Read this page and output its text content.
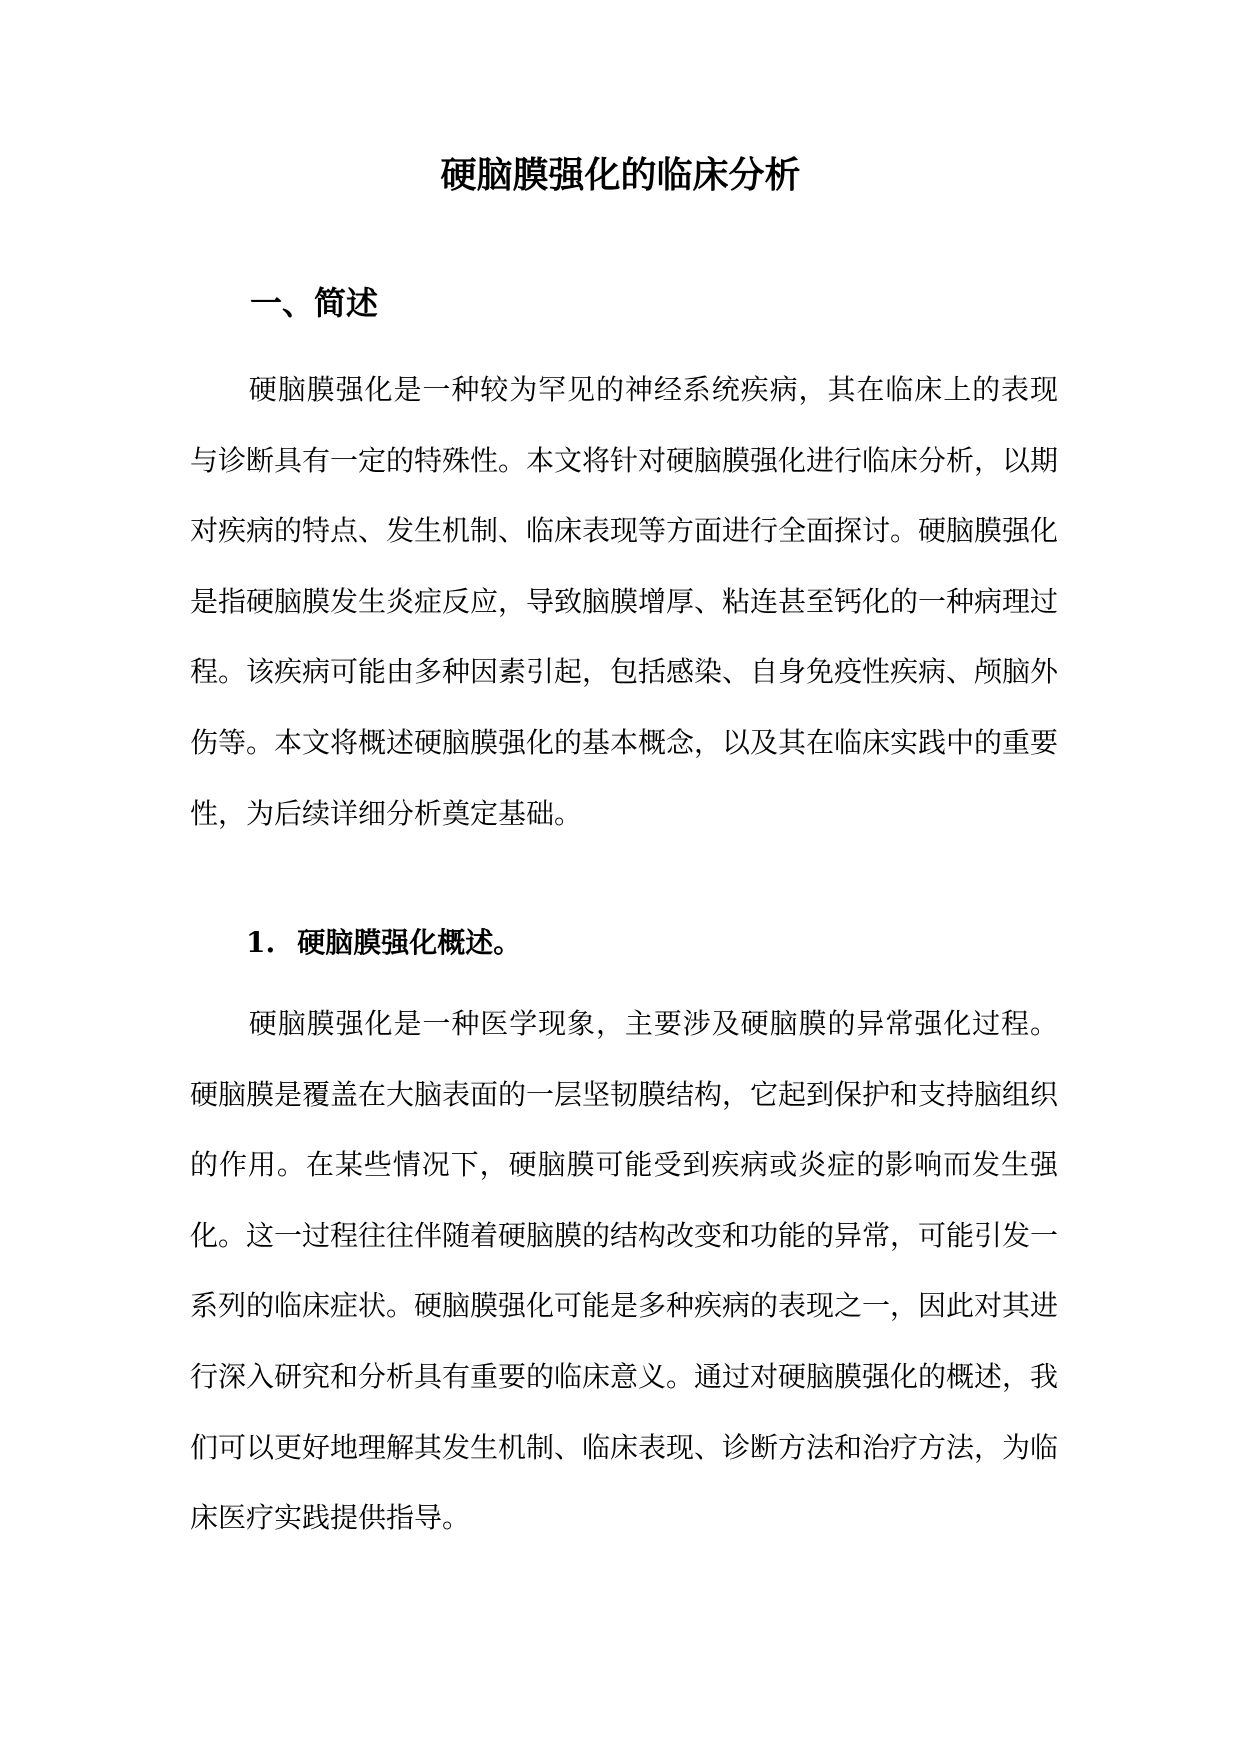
硬脑膜强化的临床分析
一、简述

硬脑膜强化是一种较为罕见的神经系统疾病，其在临床上的表现与诊断具有一定的特殊性。本文将针对硬脑膜强化进行临床分析，以期对疾病的特点、发生机制、临床表现等方面进行全面探讨。硬脑膜强化是指硬脑膜发生炎症反应，导致脑膜增厚、粘连甚至钙化的一种病理过程。该疾病可能由多种因素引起，包括感染、自身免疫性疾病、颅脑外伤等。本文将概述硬脑膜强化的基本概念，以及其在临床实践中的重要性，为后续详细分析奠定基础。

1. 硬脑膜强化概述。

硬脑膜强化是一种医学现象，主要涉及硬脑膜的异常强化过程。硬脑膜是覆盖在大脑表面的一层坚韧膜结构，它起到保护和支持脑组织的作用。在某些情况下，硬脑膜可能受到疾病或炎症的影响而发生强化。这一过程往往伴随着硬脑膜的结构改变和功能的异常，可能引发一系列的临床症状。硬脑膜强化可能是多种疾病的表现之一，因此对其进行深入研究和分析具有重要的临床意义。通过对硬脑膜强化的概述，我们可以更好地理解其发生机制、临床表现、诊断方法和治疗方法，为临床医疗实践提供指导。
